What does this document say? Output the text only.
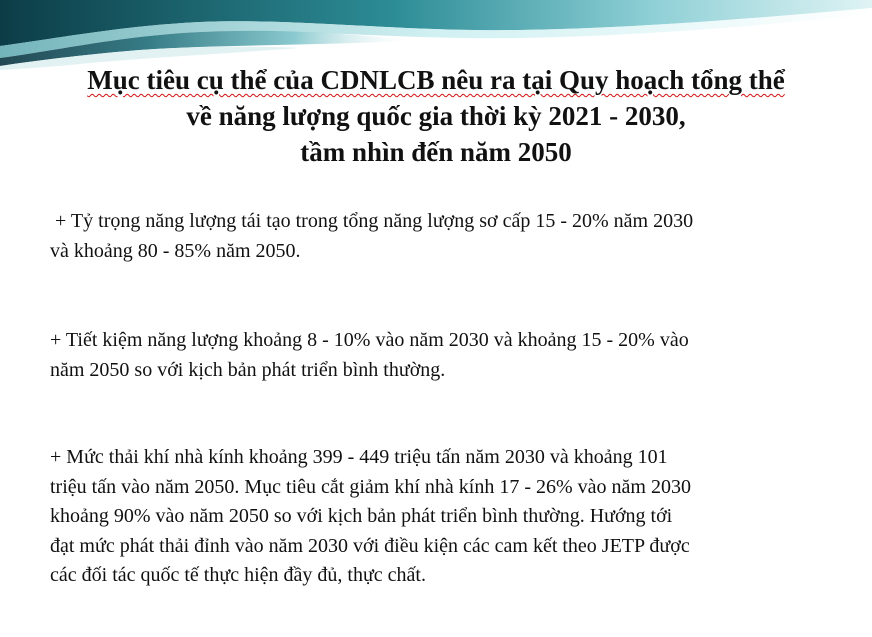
Mục tiêu cụ thể của CDNLCB nêu ra tại Quy hoạch tổng thể
về năng lượng quốc gia thời kỳ 2021 - 2030,
tầm nhìn đến năm 2050

+ Tỷ trọng năng lượng tái tạo trong tổng năng lượng sơ cấp 15 - 20% năm 2030
và khoảng 80 - 85% năm 2050.

+ Tiết kiệm năng lượng khoảng 8 - 10% vào năm 2030 và khoảng 15 - 20% vào
năm 2050 so với kịch bản phát triển bình thường.

+ Mức thải khí nhà kính khoảng 399 - 449 triệu tấn năm 2030 và khoảng 101
triệu tấn vào năm 2050. Mục tiêu cắt giảm khí nhà kính 17 - 26% vào năm 2030
khoảng 90% vào năm 2050 so với kịch bản phát triển bình thường. Hướng tới
đạt mức phát thải đỉnh vào năm 2030 với điều kiện các cam kết theo JETP được
các đối tác quốc tế thực hiện đầy đủ, thực chất.
